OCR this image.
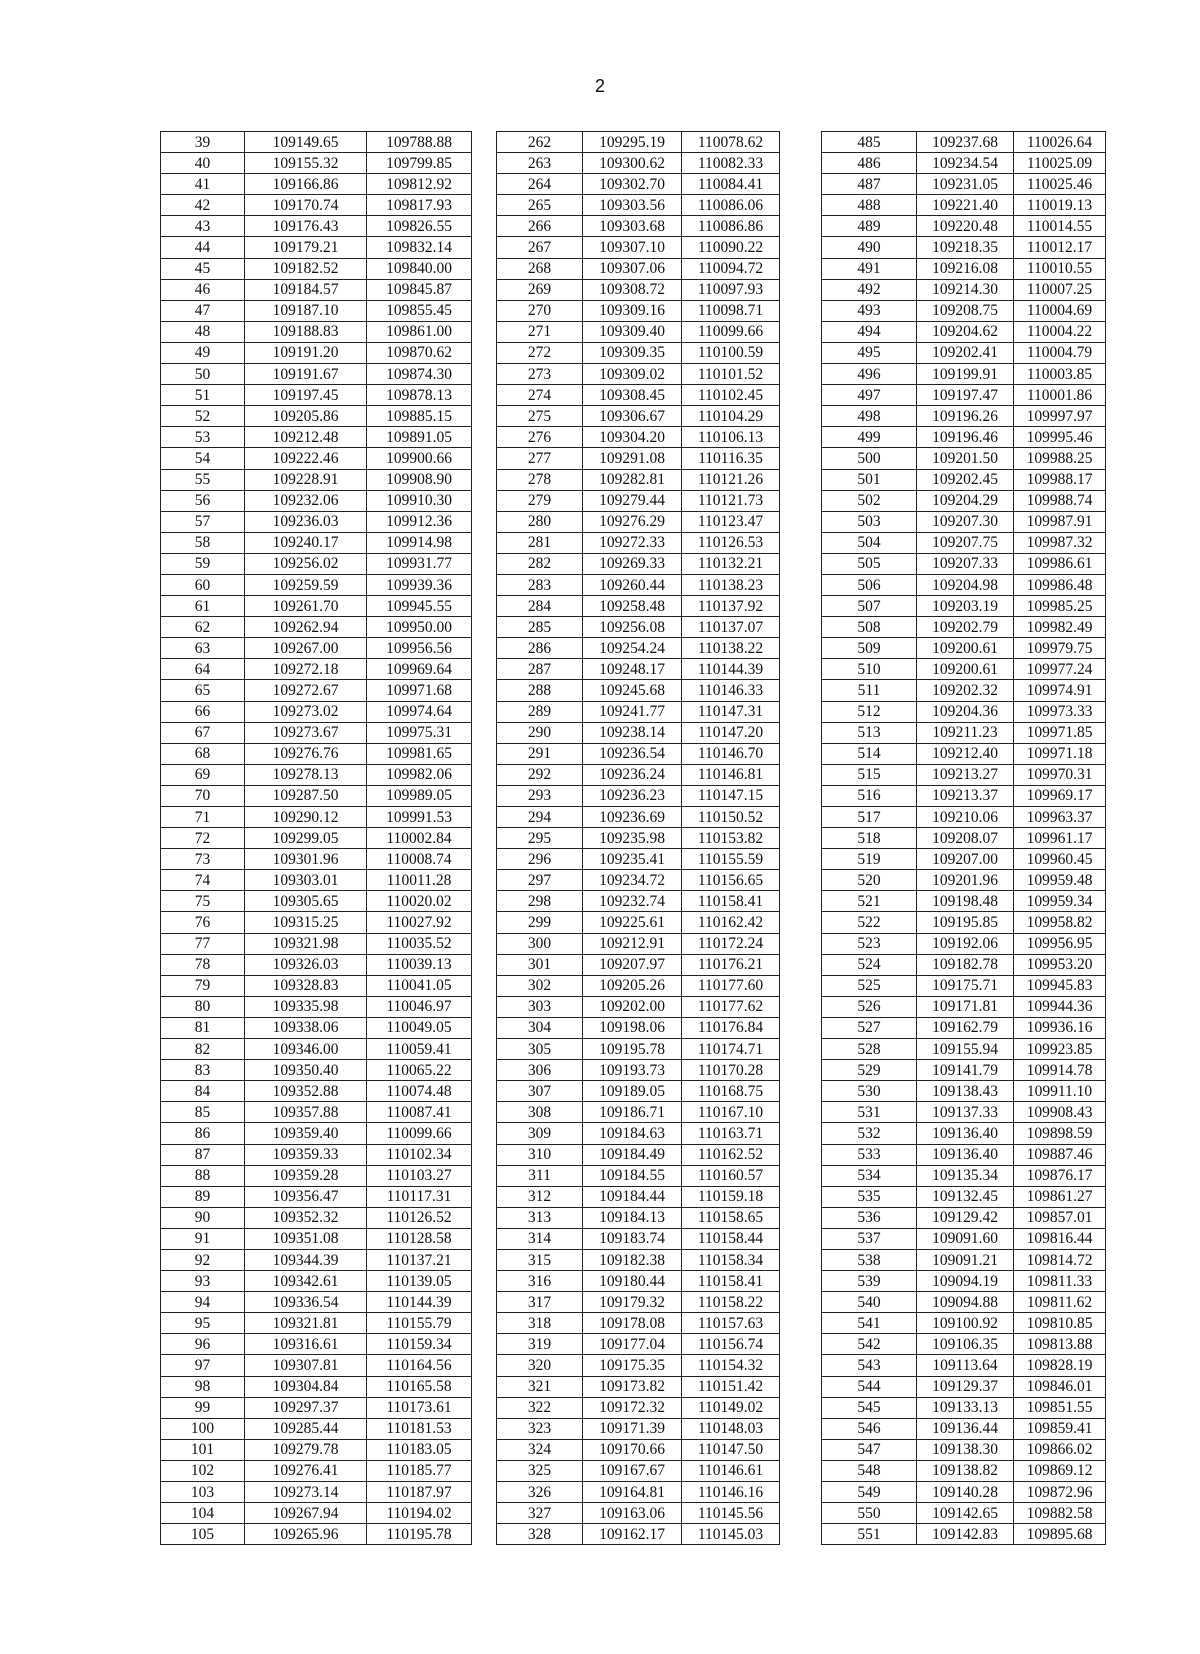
2
39	109149.65	109788.88
40	109155.32	109799.85
41	109166.86	109812.92
42	109170.74	109817.93
43	109176.43	109826.55
44	109179.21	109832.14
45	109182.52	109840.00
46	109184.57	109845.87
47	109187.10	109855.45
48	109188.83	109861.00
49	109191.20	109870.62
50	109191.67	109874.30
51	109197.45	109878.13
52	109205.86	109885.15
53	109212.48	109891.05
54	109222.46	109900.66
55	109228.91	109908.90
56	109232.06	109910.30
57	109236.03	109912.36
58	109240.17	109914.98
59	109256.02	109931.77
60	109259.59	109939.36
61	109261.70	109945.55
62	109262.94	109950.00
63	109267.00	109956.56
64	109272.18	109969.64
65	109272.67	109971.68
66	109273.02	109974.64
67	109273.67	109975.31
68	109276.76	109981.65
69	109278.13	109982.06
70	109287.50	109989.05
71	109290.12	109991.53
72	109299.05	110002.84
73	109301.96	110008.74
74	109303.01	110011.28
75	109305.65	110020.02
76	109315.25	110027.92
77	109321.98	110035.52
78	109326.03	110039.13
79	109328.83	110041.05
80	109335.98	110046.97
81	109338.06	110049.05
82	109346.00	110059.41
83	109350.40	110065.22
84	109352.88	110074.48
85	109357.88	110087.41
86	109359.40	110099.66
87	109359.33	110102.34
88	109359.28	110103.27
89	109356.47	110117.31
90	109352.32	110126.52
91	109351.08	110128.58
92	109344.39	110137.21
93	109342.61	110139.05
94	109336.54	110144.39
95	109321.81	110155.79
96	109316.61	110159.34
97	109307.81	110164.56
98	109304.84	110165.58
99	109297.37	110173.61
100	109285.44	110181.53
101	109279.78	110183.05
102	109276.41	110185.77
103	109273.14	110187.97
104	109267.94	110194.02
105	109265.96	110195.78
262	109295.19	110078.62
263	109300.62	110082.33
264	109302.70	110084.41
265	109303.56	110086.06
266	109303.68	110086.86
267	109307.10	110090.22
268	109307.06	110094.72
269	109308.72	110097.93
270	109309.16	110098.71
271	109309.40	110099.66
272	109309.35	110100.59
273	109309.02	110101.52
274	109308.45	110102.45
275	109306.67	110104.29
276	109304.20	110106.13
277	109291.08	110116.35
278	109282.81	110121.26
279	109279.44	110121.73
280	109276.29	110123.47
281	109272.33	110126.53
282	109269.33	110132.21
283	109260.44	110138.23
284	109258.48	110137.92
285	109256.08	110137.07
286	109254.24	110138.22
287	109248.17	110144.39
288	109245.68	110146.33
289	109241.77	110147.31
290	109238.14	110147.20
291	109236.54	110146.70
292	109236.24	110146.81
293	109236.23	110147.15
294	109236.69	110150.52
295	109235.98	110153.82
296	109235.41	110155.59
297	109234.72	110156.65
298	109232.74	110158.41
299	109225.61	110162.42
300	109212.91	110172.24
301	109207.97	110176.21
302	109205.26	110177.60
303	109202.00	110177.62
304	109198.06	110176.84
305	109195.78	110174.71
306	109193.73	110170.28
307	109189.05	110168.75
308	109186.71	110167.10
309	109184.63	110163.71
310	109184.49	110162.52
311	109184.55	110160.57
312	109184.44	110159.18
313	109184.13	110158.65
314	109183.74	110158.44
315	109182.38	110158.34
316	109180.44	110158.41
317	109179.32	110158.22
318	109178.08	110157.63
319	109177.04	110156.74
320	109175.35	110154.32
321	109173.82	110151.42
322	109172.32	110149.02
323	109171.39	110148.03
324	109170.66	110147.50
325	109167.67	110146.61
326	109164.81	110146.16
327	109163.06	110145.56
328	109162.17	110145.03
485	109237.68	110026.64
486	109234.54	110025.09
487	109231.05	110025.46
488	109221.40	110019.13
489	109220.48	110014.55
490	109218.35	110012.17
491	109216.08	110010.55
492	109214.30	110007.25
493	109208.75	110004.69
494	109204.62	110004.22
495	109202.41	110004.79
496	109199.91	110003.85
497	109197.47	110001.86
498	109196.26	109997.97
499	109196.46	109995.46
500	109201.50	109988.25
501	109202.45	109988.17
502	109204.29	109988.74
503	109207.30	109987.91
504	109207.75	109987.32
505	109207.33	109986.61
506	109204.98	109986.48
507	109203.19	109985.25
508	109202.79	109982.49
509	109200.61	109979.75
510	109200.61	109977.24
511	109202.32	109974.91
512	109204.36	109973.33
513	109211.23	109971.85
514	109212.40	109971.18
515	109213.27	109970.31
516	109213.37	109969.17
517	109210.06	109963.37
518	109208.07	109961.17
519	109207.00	109960.45
520	109201.96	109959.48
521	109198.48	109959.34
522	109195.85	109958.82
523	109192.06	109956.95
524	109182.78	109953.20
525	109175.71	109945.83
526	109171.81	109944.36
527	109162.79	109936.16
528	109155.94	109923.85
529	109141.79	109914.78
530	109138.43	109911.10
531	109137.33	109908.43
532	109136.40	109898.59
533	109136.40	109887.46
534	109135.34	109876.17
535	109132.45	109861.27
536	109129.42	109857.01
537	109091.60	109816.44
538	109091.21	109814.72
539	109094.19	109811.33
540	109094.88	109811.62
541	109100.92	109810.85
542	109106.35	109813.88
543	109113.64	109828.19
544	109129.37	109846.01
545	109133.13	109851.55
546	109136.44	109859.41
547	109138.30	109866.02
548	109138.82	109869.12
549	109140.28	109872.96
550	109142.65	109882.58
551	109142.83	109895.68
